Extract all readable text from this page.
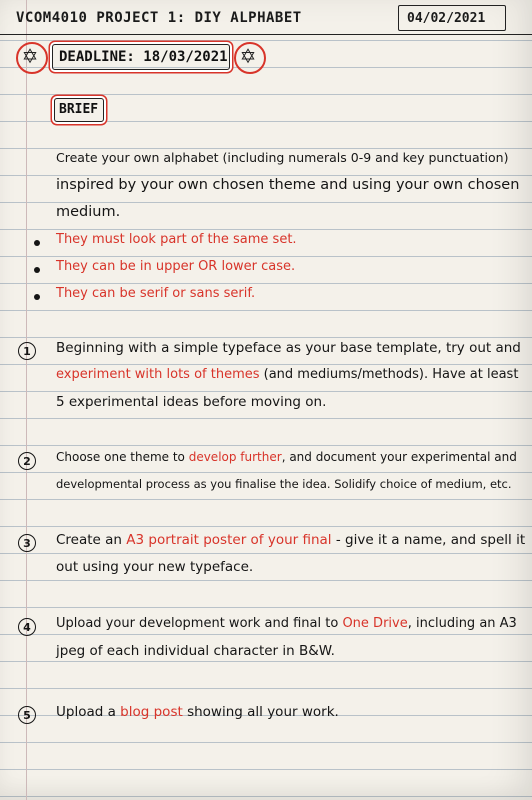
VCOM4010 PROJECT 1: DIY ALPHABET	04/02/2021
✡ DEADLINE: 18/03/2021 ✡
BRIEF
Create your own alphabet (including numerals 0-9 and key punctuation)
inspired by your own chosen theme and using your own chosen
medium.
They must look part of the same set.
They can be in upper OR lower case.
They can be serif or sans serif.
1	Beginning with a simple typeface as your base template, try out and
experiment with lots of themes (and mediums/methods). Have at least
5 experimental ideas before moving on.
2	Choose one theme to develop further, and document your experimental and
developmental process as you finalise the idea. Solidify choice of medium, etc.
3	Create an A3 portrait poster of your final - give it a name, and spell it
out using your new typeface.
4	Upload your development work and final to One Drive, including an A3
jpeg of each individual character in B&W.
5	Upload a blog post showing all your work.
